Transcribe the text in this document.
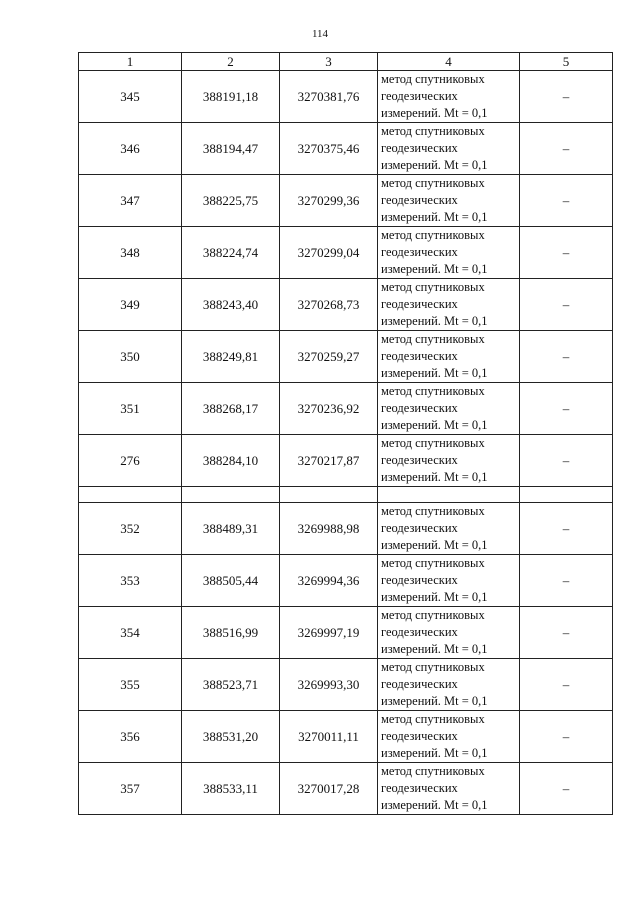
114
1	2	3	4	5
345	388191,18	3270381,76	метод спутниковых
геодезических
измерений. Mt = 0,1	–
346	388194,47	3270375,46	метод спутниковых
геодезических
измерений. Mt = 0,1	–
347	388225,75	3270299,36	метод спутниковых
геодезических
измерений. Mt = 0,1	–
348	388224,74	3270299,04	метод спутниковых
геодезических
измерений. Mt = 0,1	–
349	388243,40	3270268,73	метод спутниковых
геодезических
измерений. Mt = 0,1	–
350	388249,81	3270259,27	метод спутниковых
геодезических
измерений. Mt = 0,1	–
351	388268,17	3270236,92	метод спутниковых
геодезических
измерений. Mt = 0,1	–
276	388284,10	3270217,87	метод спутниковых
геодезических
измерений. Mt = 0,1	–

352	388489,31	3269988,98	метод спутниковых
геодезических
измерений. Mt = 0,1	–
353	388505,44	3269994,36	метод спутниковых
геодезических
измерений. Mt = 0,1	–
354	388516,99	3269997,19	метод спутниковых
геодезических
измерений. Mt = 0,1	–
355	388523,71	3269993,30	метод спутниковых
геодезических
измерений. Mt = 0,1	–
356	388531,20	3270011,11	метод спутниковых
геодезических
измерений. Mt = 0,1	–
357	388533,11	3270017,28	метод спутниковых
геодезических
измерений. Mt = 0,1	–
